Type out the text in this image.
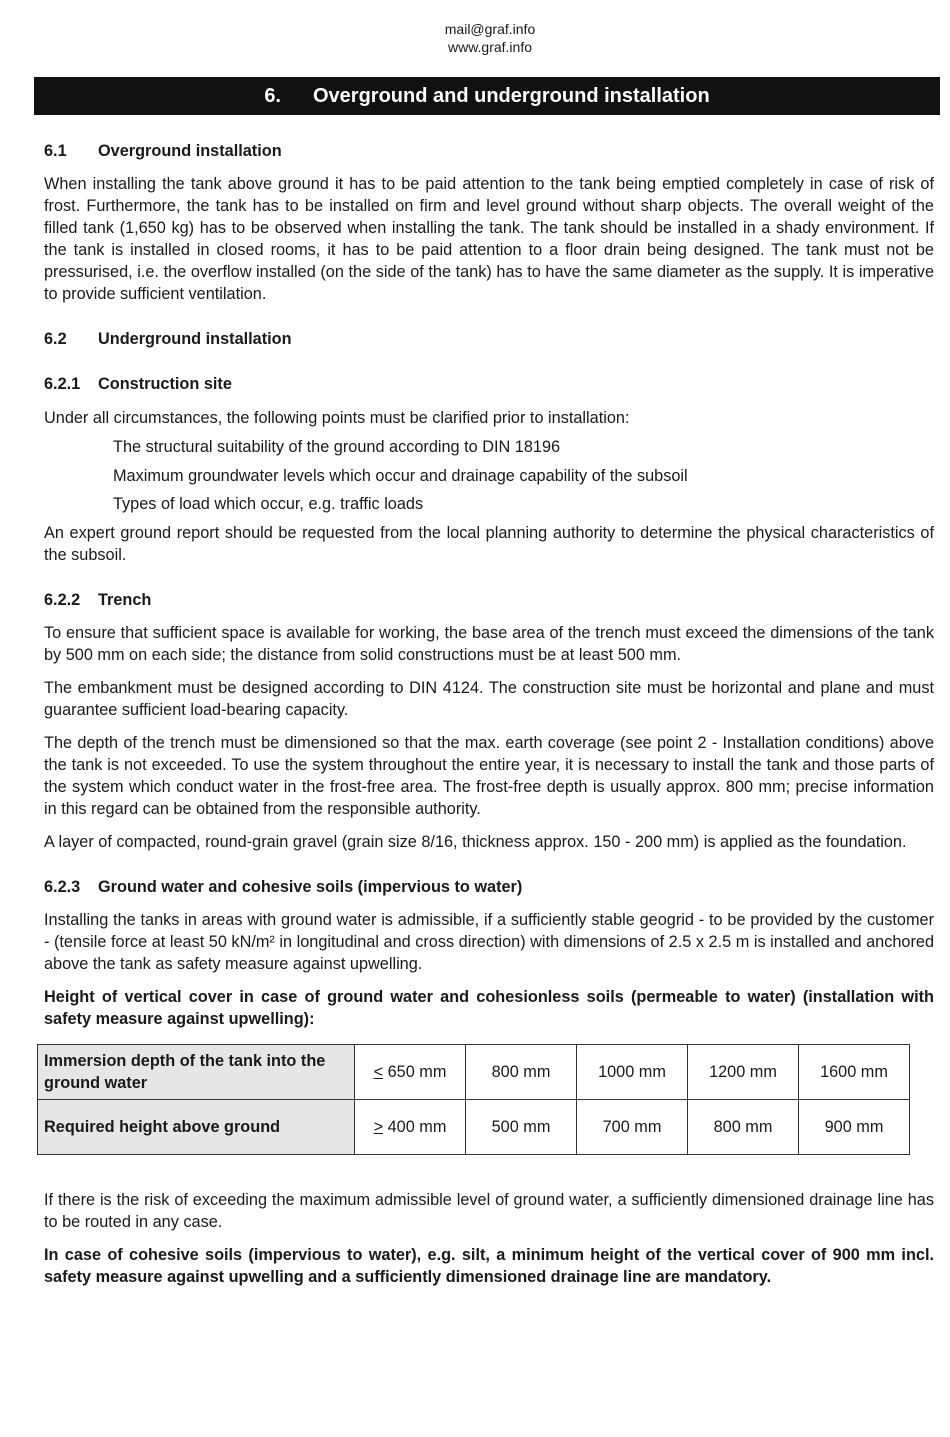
mail@graf.info
www.graf.info
6. Overground and underground installation
6.1 Overground installation

When installing the tank above ground it has to be paid attention to the tank being emptied completely in case of risk of frost. Furthermore, the tank has to be installed on firm and level ground without sharp objects. The overall weight of the filled tank (1,650 kg) has to be observed when installing the tank. The tank should be installed in a shady environment. If the tank is installed in closed rooms, it has to be paid attention to a floor drain being designed. The tank must not be pressurised, i.e. the overflow installed (on the side of the tank) has to have the same diameter as the supply. It is imperative to provide sufficient ventilation.

6.2 Underground installation
6.2.1 Construction site

Under all circumstances, the following points must be clarified prior to installation:

The structural suitability of the ground according to DIN 18196
Maximum groundwater levels which occur and drainage capability of the subsoil
Types of load which occur, e.g. traffic loads

An expert ground report should be requested from the local planning authority to determine the physical characteristics of the subsoil.

6.2.2 Trench

To ensure that sufficient space is available for working, the base area of the trench must exceed the dimensions of the tank by 500 mm on each side; the distance from solid constructions must be at least 500 mm.

The embankment must be designed according to DIN 4124. The construction site must be horizontal and plane and must guarantee sufficient load-bearing capacity.

The depth of the trench must be dimensioned so that the max. earth coverage (see point 2 - Installation conditions) above the tank is not exceeded. To use the system throughout the entire year, it is necessary to install the tank and those parts of the system which conduct water in the frost-free area. The frost-free depth is usually approx. 800 mm; precise information in this regard can be obtained from the responsible authority.

A layer of compacted, round-grain gravel (grain size 8/16, thickness approx. 150 - 200 mm) is applied as the foundation.

6.2.3 Ground water and cohesive soils (impervious to water)

Installing the tanks in areas with ground water is admissible, if a sufficiently stable geogrid - to be provided by the customer - (tensile force at least 50 kN/m² in longitudinal and cross direction) with dimensions of 2.5 x 2.5 m is installed and anchored above the tank as safety measure against upwelling.

Height of vertical cover in case of ground water and cohesionless soils (permeable to water) (installation with safety measure against upwelling):

Immersion depth of the tank into the ground water	≤ 650 mm	800 mm	1000 mm	1200 mm	1600 mm
Required height above ground	≥ 400 mm	500 mm	700 mm	800 mm	900 mm

If there is the risk of exceeding the maximum admissible level of ground water, a sufficiently dimensioned drainage line has to be routed in any case.

In case of cohesive soils (impervious to water), e.g. silt, a minimum height of the vertical cover of 900 mm incl. safety measure against upwelling and a sufficiently dimensioned drainage line are mandatory.
